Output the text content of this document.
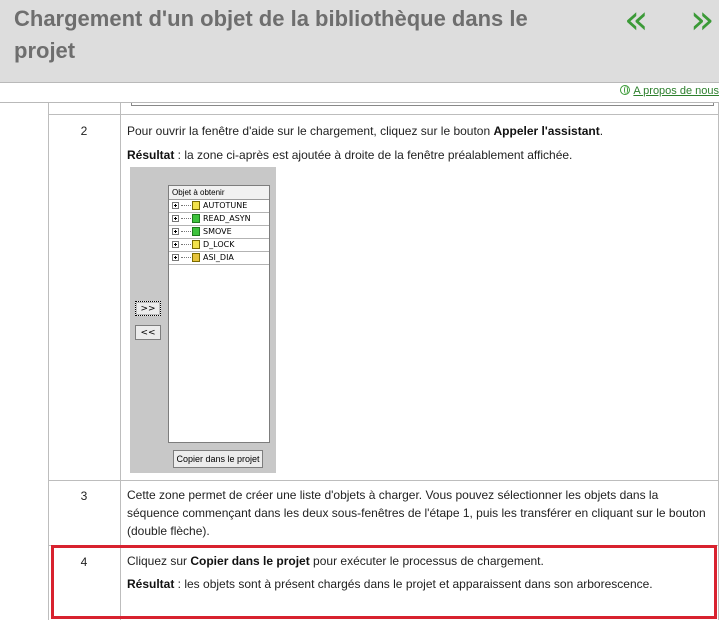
Chargement d'un objet de la bibliothèque dans le projet
« »
A propos de nous
2	Pour ouvrir la fenêtre d'aide sur le chargement, cliquez sur le bouton Appeler l'assistant.
Résultat : la zone ci-après est ajoutée à droite de la fenêtre préalablement affichée.
>>
<<
Objet à obtenir
AUTOTUNE
READ_ASYN
SMOVE
D_LOCK
ASI_DIA
Copier dans le projet
3	Cette zone permet de créer une liste d'objets à charger. Vous pouvez sélectionner les objets dans la séquence commençant dans les deux sous-fenêtres de l'étape 1, puis les transférer en cliquant sur le bouton (double flèche).
4	Cliquez sur Copier dans le projet pour exécuter le processus de chargement.
Résultat : les objets sont à présent chargés dans le projet et apparaissent dans son arborescence.
